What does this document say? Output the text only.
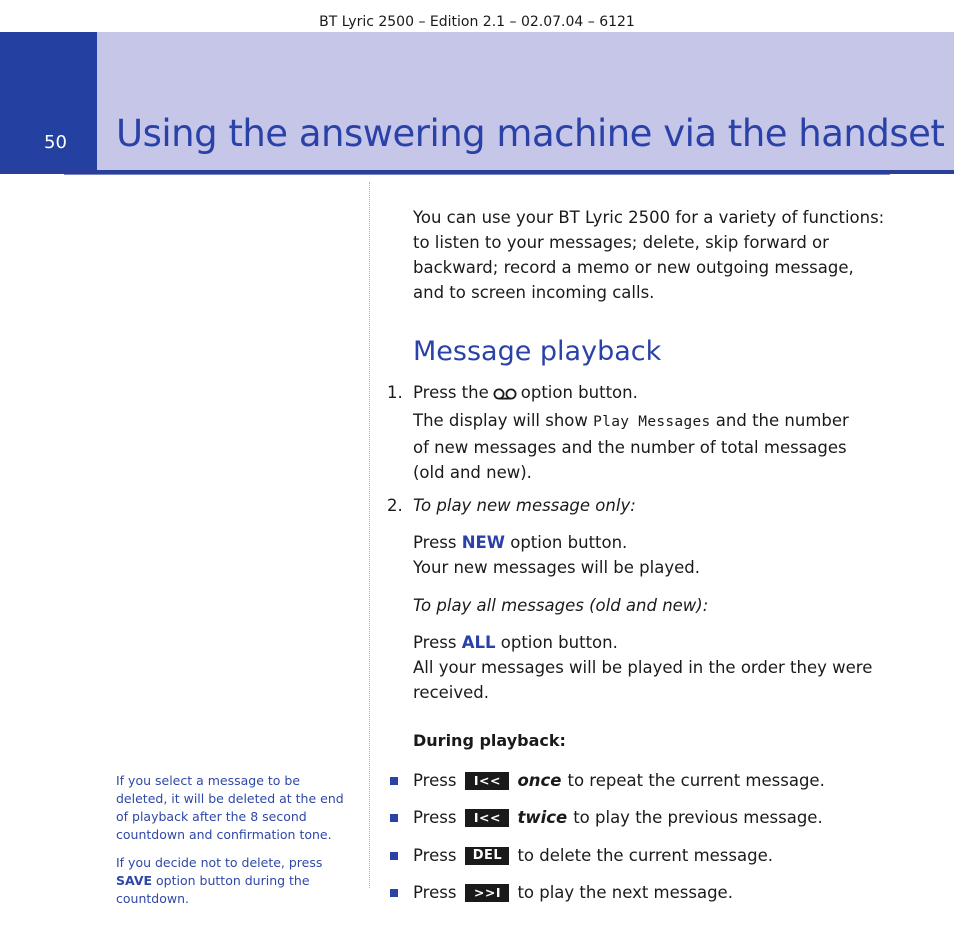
BT Lyric 2500 – Edition 2.1 – 02.07.04 – 6121
50 Using the answering machine via the handset
If you select a message to be deleted, it will be deleted at the end of playback after the 8 second countdown and confirmation tone.
If you decide not to delete, press SAVE option button during the countdown.
You can use your BT Lyric 2500 for a variety of functions:
to listen to your messages; delete, skip forward or
backward; record a memo or new outgoing message,
and to screen incoming calls.
Message playback
1. Press the option button.
The display will show Play Messages and the number
of new messages and the number of total messages
(old and new).
2. To play new message only:
Press NEW option button.
Your new messages will be played.
To play all messages (old and new):
Press ALL option button.
All your messages will be played in the order they were
received.
During playback:
Press	I<< once to repeat the current message.
Press	I<< twice to play the previous message.
Press	DEL to delete the current message.
Press	>>I to play the next message.
